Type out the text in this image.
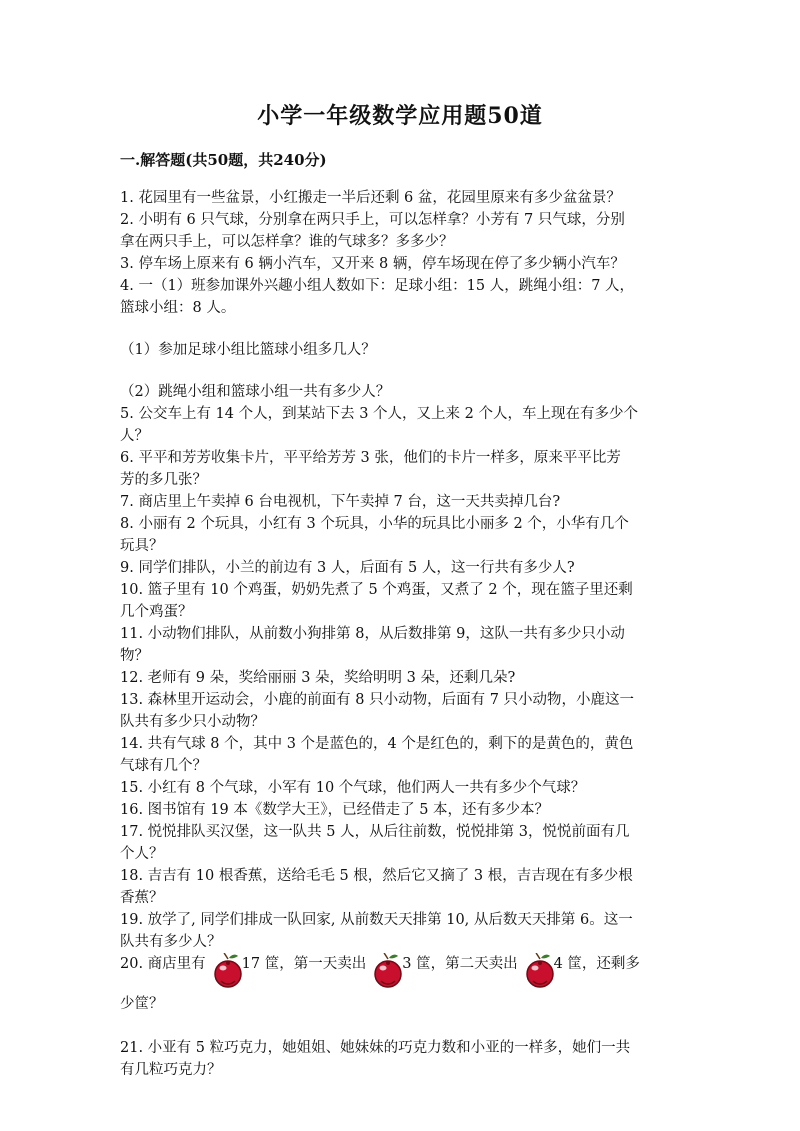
小学一年级数学应用题50道
一.解答题(共50题，共240分)

1. 花园里有一些盆景，小红搬走一半后还剩 6 盆，花园里原来有多少盆盆景？

2. 小明有 6 只气球，分别拿在两只手上，可以怎样拿？小芳有 7 只气球，分别

拿在两只手上，可以怎样拿？谁的气球多？多多少？

3. 停车场上原来有 6 辆小汽车，又开来 8 辆，停车场现在停了多少辆小汽车？

4. 一（1）班参加课外兴趣小组人数如下：足球小组：15 人，跳绳小组：7 人，

篮球小组：8 人。

（1）参加足球小组比篮球小组多几人？

（2）跳绳小组和篮球小组一共有多少人？

5. 公交车上有 14 个人，到某站下去 3 个人，又上来 2 个人，车上现在有多少个

人？

6. 平平和芳芳收集卡片，平平给芳芳 3 张，他们的卡片一样多，原来平平比芳

芳的多几张？

7. 商店里上午卖掉 6 台电视机，下午卖掉 7 台，这一天共卖掉几台?

8. 小丽有 2 个玩具，小红有 3 个玩具，小华的玩具比小丽多 2 个，小华有几个

玩具？

9. 同学们排队，小兰的前边有 3 人，后面有 5 人，这一行共有多少人?

10. 篮子里有 10 个鸡蛋，奶奶先煮了 5 个鸡蛋，又煮了 2 个，现在篮子里还剩

几个鸡蛋？

11. 小动物们排队，从前数小狗排第 8，从后数排第 9，这队一共有多少只小动

物？

12. 老师有 9 朵，奖给丽丽 3 朵，奖给明明 3 朵，还剩几朵?

13. 森林里开运动会，小鹿的前面有 8 只小动物，后面有 7 只小动物，小鹿这一

队共有多少只小动物？

14. 共有气球 8 个，其中 3 个是蓝色的，4 个是红色的，剩下的是黄色的，黄色

气球有几个？

15. 小红有 8 个气球，小军有 10 个气球，他们两人一共有多少个气球？

16. 图书馆有 19 本《数学大王》，已经借走了 5 本，还有多少本？

17. 悦悦排队买汉堡，这一队共 5 人，从后往前数，悦悦排第 3，悦悦前面有几

个人？

18. 吉吉有 10 根香蕉，送给毛毛 5 根，然后它又摘了 3 根，吉吉现在有多少根

香蕉？

19. 放学了, 同学们排成一队回家, 从前数天天排第 10, 从后数天天排第 6。这一

队共有多少人？

20. 商店里有 17 筐，第一天卖出 3 筐，第二天卖出 4 筐，还剩多

少筐？

21. 小亚有 5 粒巧克力，她姐姐、她妹妹的巧克力数和小亚的一样多，她们一共

有几粒巧克力？
